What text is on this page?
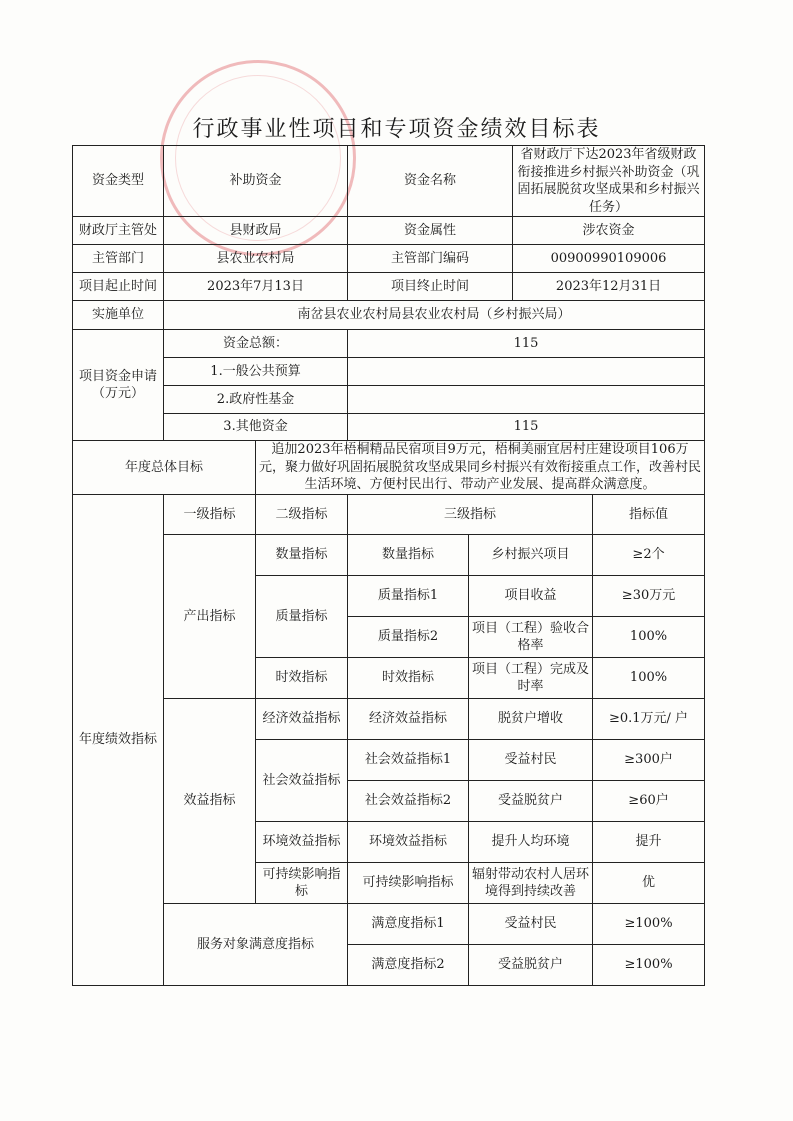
行政事业性项目和专项资金绩效目标表
资金类型	补助资金		资金名称		省财政厅下达2023年省级财政衔接推进乡村振兴补助资金（巩固拓展脱贫攻坚成果和乡村振兴任务）	
财政厅主管处	县财政局		资金属性		涉农资金	
主管部门	县农业农村局		主管部门编码		00900990109006	
项目起止时间	2023年7月13日		项目终止时间		2023年12月31日	
实施单位	南岔县农业农村局县农业农村局（乡村振兴局）					
项目资金申请（万元）	资金总额：		115			
	1.一般公共预算					
	2.政府性基金					
	3.其他资金		115			
年度总体目标		追加2023年梧桐精品民宿项目9万元，梧桐美丽宜居村庄建设项目106万元，聚力做好巩固拓展脱贫攻坚成果同乡村振兴有效衔接重点工作，改善村民生活环境、方便村民出行、带动产业发展、提高群众满意度。				
年度绩效指标	一级指标	二级指标	三级指标			指标值
	产出指标	数量指标	数量指标	乡村振兴项目		≥2个
		质量指标	质量指标1	项目收益		≥30万元
			质量指标2	项目（工程）验收合格率		100%
		时效指标	时效指标	项目（工程）完成及时率		100%
	效益指标	经济效益指标	经济效益指标	脱贫户增收		≥0.1万元/ 户
		社会效益指标	社会效益指标1	受益村民		≥300户
			社会效益指标2	受益脱贫户		≥60户
		环境效益指标	环境效益指标	提升人均环境		提升
		可持续影响指标	可持续影响指标	辐射带动农村人居环境得到持续改善		优
	服务对象满意度指标		满意度指标1	受益村民		≥100%
			满意度指标2	受益脱贫户		≥100%
